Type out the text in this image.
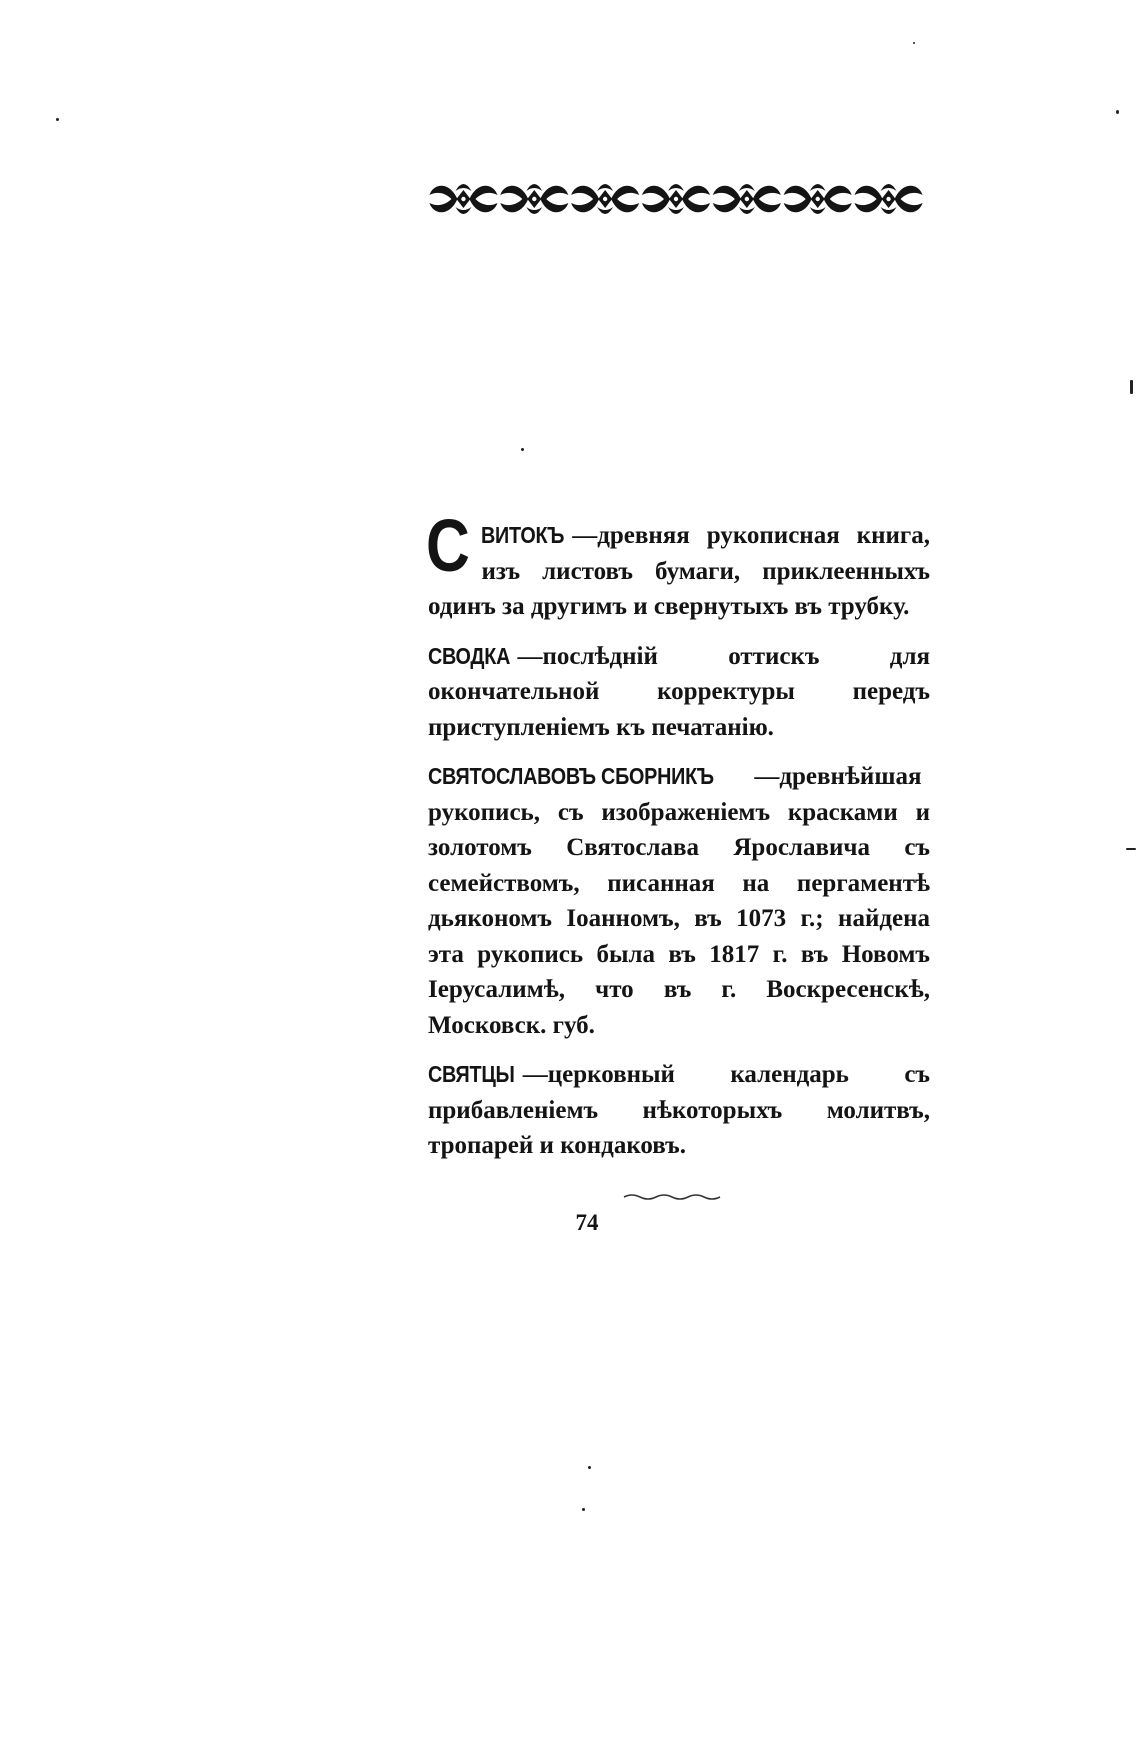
С ВИТОКЪ —древняя рукописная книга, изъ листовъ бумаги, приклеенныхъ одинъ за другимъ и свернутыхъ въ трубку.

СВОДКА —послѣдній оттискъ для окончательной корректуры передъ приступленіемъ къ печатанію.

СВЯТОСЛАВОВЪ СБОРНИКЪ —древнѣйшая рукопись, съ изображеніемъ красками и золотомъ Святослава Ярославича съ семействомъ, писанная на пергаментѣ дьякономъ Іоанномъ, въ 1073 г.; найдена эта рукопись была въ 1817 г. въ Новомъ Іерусалимѣ, что въ г. Воскресенскѣ, Московск. губ.

СВЯТЦЫ —церковный календарь съ прибавленіемъ нѣкоторыхъ молитвъ, тропарей и кондаковъ.

74
